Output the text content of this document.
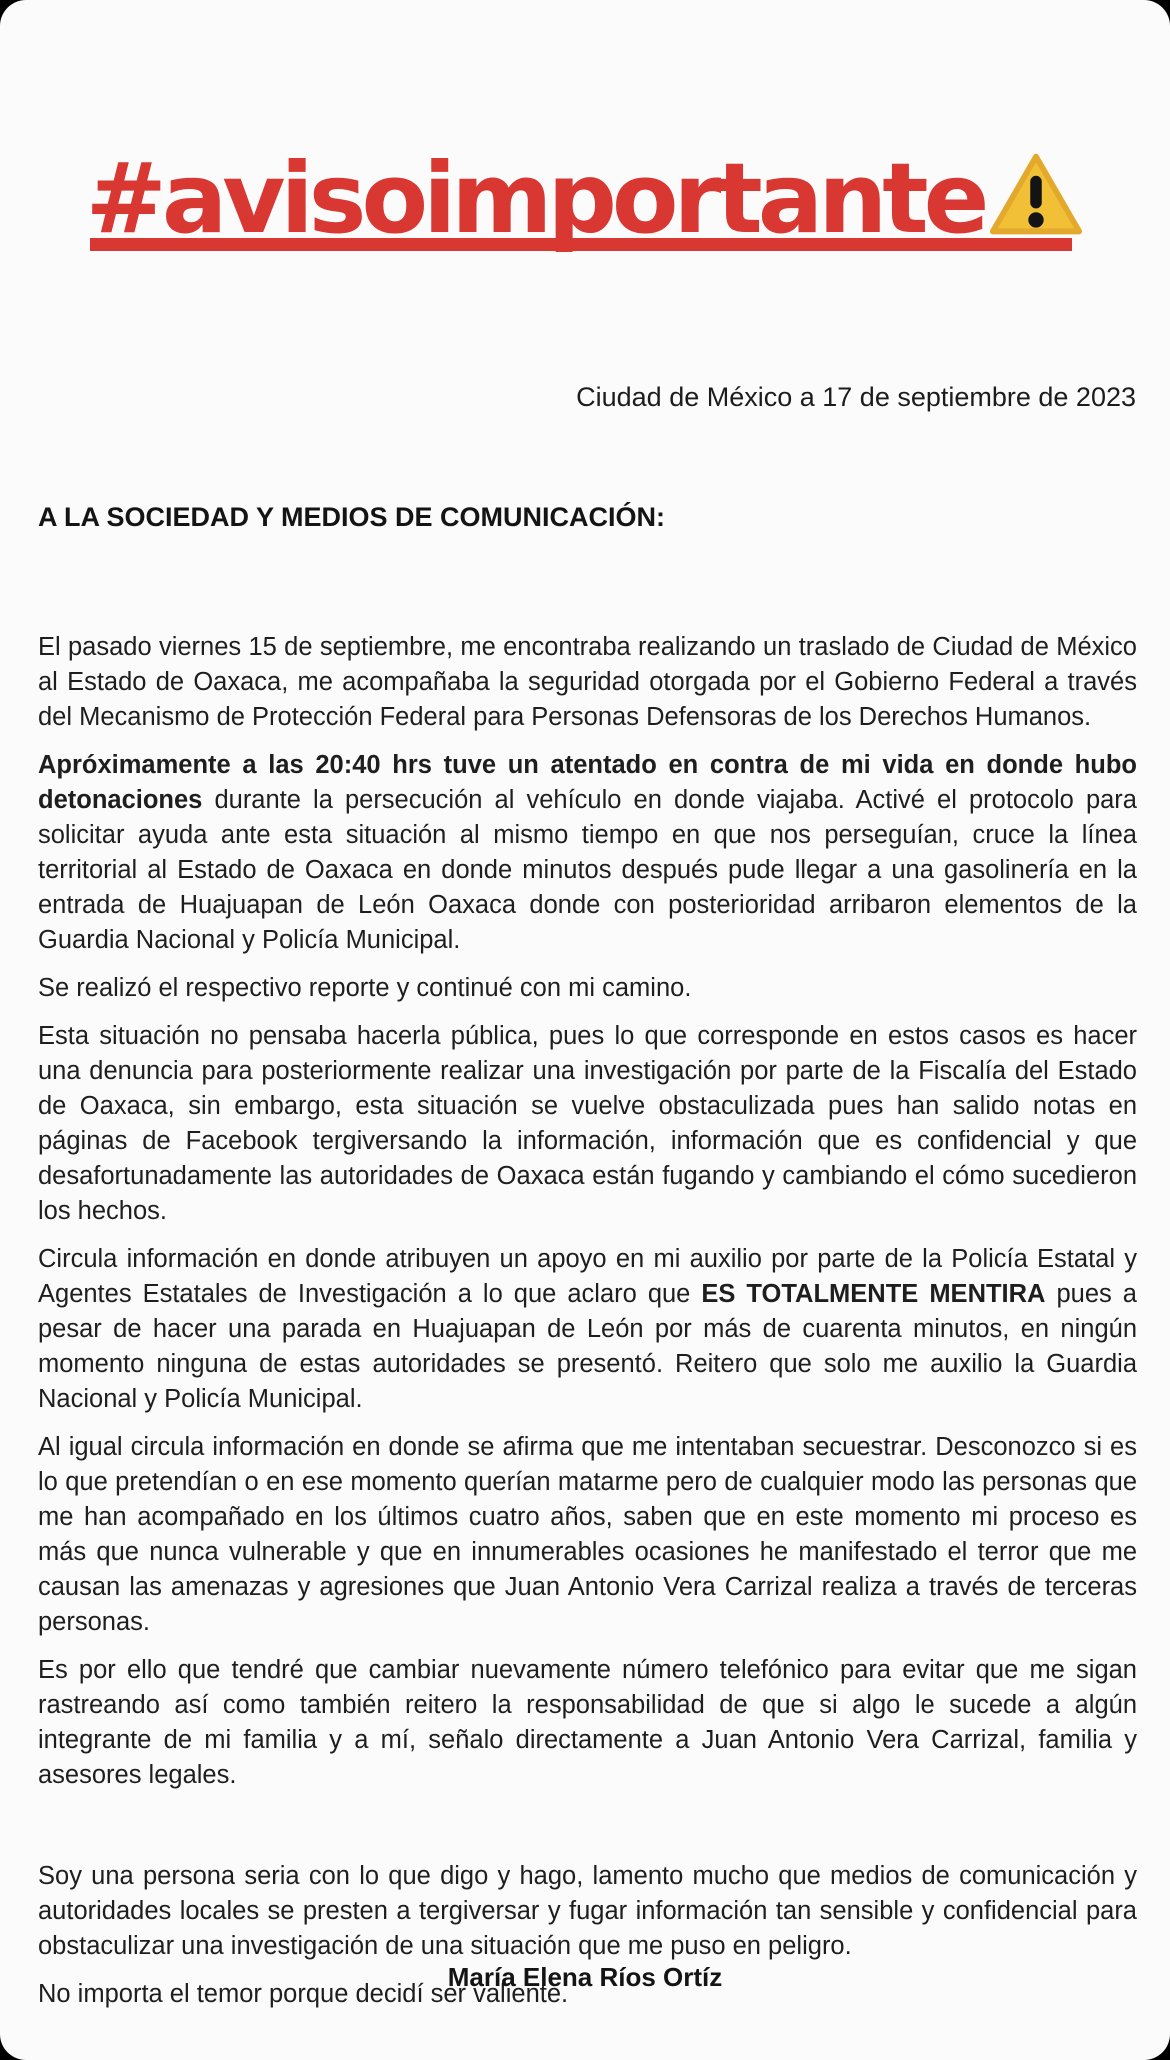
#avisoimportante
Ciudad de México a 17 de septiembre de 2023
A LA SOCIEDAD Y MEDIOS DE COMUNICACIÓN:

El pasado viernes 15 de septiembre, me encontraba realizando un traslado de Ciudad de México al Estado de Oaxaca, me acompañaba la seguridad otorgada por el Gobierno Federal a través del Mecanismo de Protección Federal para Personas Defensoras de los Derechos Humanos.

Apróximamente a las 20:40 hrs tuve un atentado en contra de mi vida en donde hubo detonaciones durante la persecución al vehículo en donde viajaba. Activé el protocolo para solicitar ayuda ante esta situación al mismo tiempo en que nos perseguían, cruce la línea territorial al Estado de Oaxaca en donde minutos después pude llegar a una gasolinería en la entrada de Huajuapan de León Oaxaca donde con posterioridad arribaron elementos de la Guardia Nacional y Policía Municipal.

Se realizó el respectivo reporte y continué con mi camino.

Esta situación no pensaba hacerla pública, pues lo que corresponde en estos casos es hacer una denuncia para posteriormente realizar una investigación por parte de la Fiscalía del Estado de Oaxaca, sin embargo, esta situación se vuelve obstaculizada pues han salido notas en páginas de Facebook tergiversando la información, información que es confidencial y que desafortunadamente las autoridades de Oaxaca están fugando y cambiando el cómo sucedieron los hechos.

Circula información en donde atribuyen un apoyo en mi auxilio por parte de la Policía Estatal y Agentes Estatales de Investigación a lo que aclaro que ES TOTALMENTE MENTIRA pues a pesar de hacer una parada en Huajuapan de León por más de cuarenta minutos, en ningún momento ninguna de estas autoridades se presentó. Reitero que solo me auxilio la Guardia Nacional y Policía Municipal.

Al igual circula información en donde se afirma que me intentaban secuestrar. Desconozco si es lo que pretendían o en ese momento querían matarme pero de cualquier modo las personas que me han acompañado en los últimos cuatro años, saben que en este momento mi proceso es más que nunca vulnerable y que en innumerables ocasiones he manifestado el terror que me causan las amenazas y agresiones que Juan Antonio Vera Carrizal realiza a través de terceras personas.

Es por ello que tendré que cambiar nuevamente número telefónico para evitar que me sigan rastreando así como también reitero la responsabilidad de que si algo le sucede a algún integrante de mi familia y a mí, señalo directamente a Juan Antonio Vera Carrizal, familia y asesores legales.

Soy una persona seria con lo que digo y hago, lamento mucho que medios de comunicación y autoridades locales se presten a tergiversar y fugar información tan sensible y confidencial para obstaculizar una investigación de una situación que me puso en peligro.

No importa el temor porque decidí ser valiente.

María Elena Ríos Ortíz
